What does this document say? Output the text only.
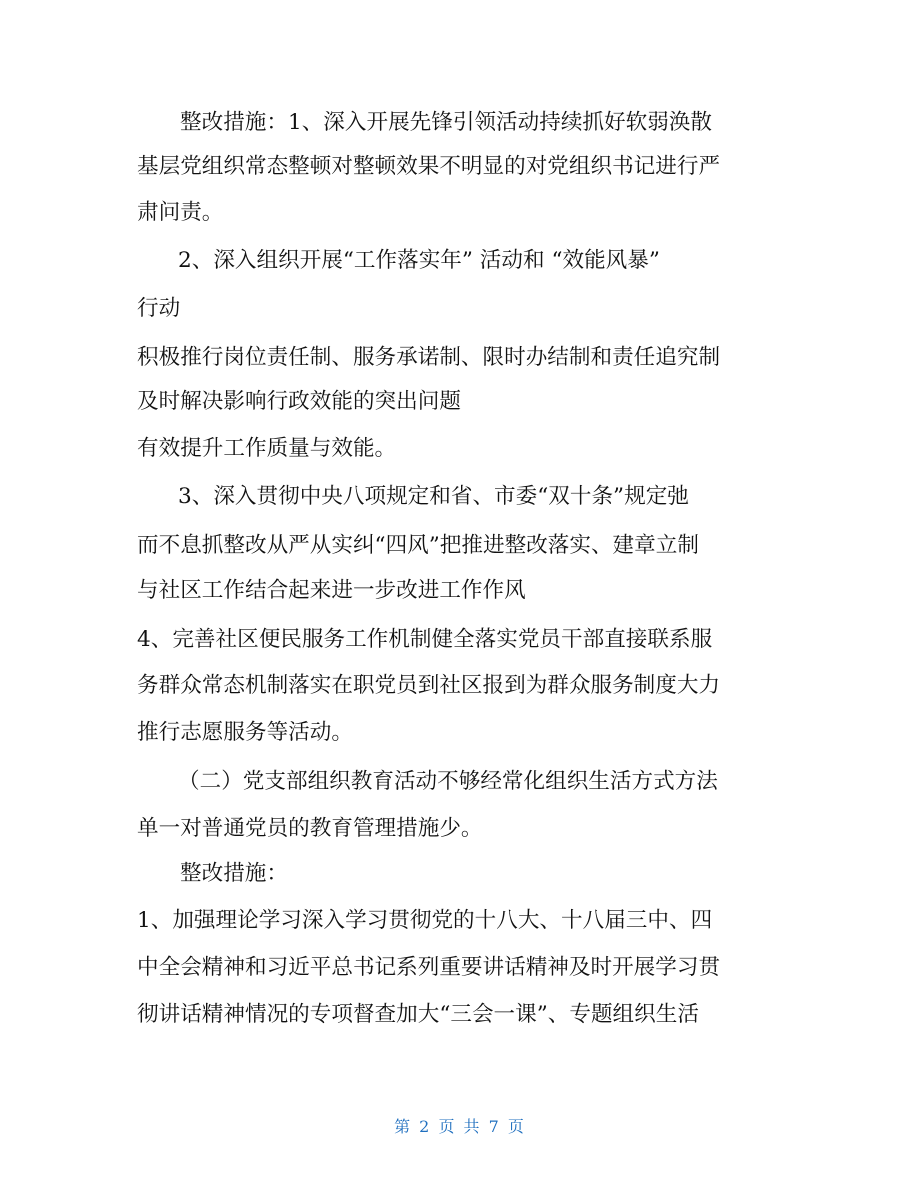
整改措施：1、深入开展先锋引领活动持续抓好软弱涣散
基层党组织常态整顿对整顿效果不明显的对党组织书记进行严
肃问责。
2、深入组织开展“工作落实年” 活动和 “效能风暴”
行动
积极推行岗位责任制、服务承诺制、限时办结制和责任追究制
及时解决影响行政效能的突出问题
有效提升工作质量与效能。
3、深入贯彻中央八项规定和省、市委“双十条”规定弛
而不息抓整改从严从实纠“四风”把推进整改落实、建章立制
与社区工作结合起来进一步改进工作作风
4、完善社区便民服务工作机制健全落实党员干部直接联系服
务群众常态机制落实在职党员到社区报到为群众服务制度大力
推行志愿服务等活动。
（二）党支部组织教育活动不够经常化组织生活方式方法
单一对普通党员的教育管理措施少。
整改措施：
1、加强理论学习深入学习贯彻党的十八大、十八届三中、四
中全会精神和习近平总书记系列重要讲话精神及时开展学习贯
彻讲话精神情况的专项督查加大“三会一课”、专题组织生活
第 2 页 共 7 页
